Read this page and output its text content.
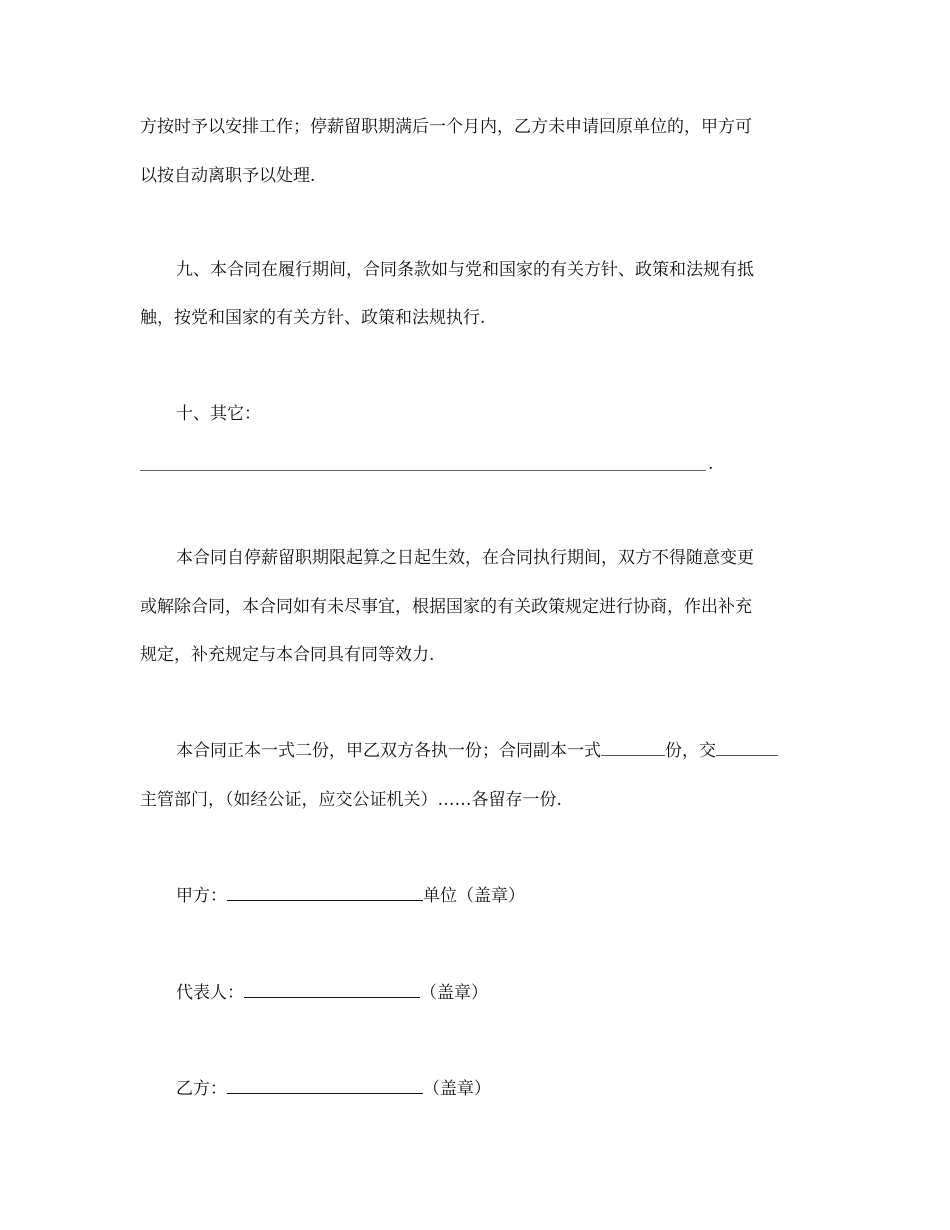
方按时予以安排工作；停薪留职期满后一个月内，乙方未申请回原单位的，甲方可
以按自动离职予以处理.
九、本合同在履行期间，合同条款如与党和国家的有关方针、政策和法规有抵
触，按党和国家的有关方针、政策和法规执行.
十、其它：
.
本合同自停薪留职期限起算之日起生效，在合同执行期间，双方不得随意变更
或解除合同，本合同如有未尽事宜，根据国家的有关政策规定进行协商，作出补充
规定，补充规定与本合同具有同等效力.
本合同正本一式二份，甲乙双方各执一份；合同副本一式	份，交
主管部门，（如经公证，应交公证机关）……各留存一份.
甲方：	单位（盖章）
代表人：	（盖章）
乙方：	（盖章）
